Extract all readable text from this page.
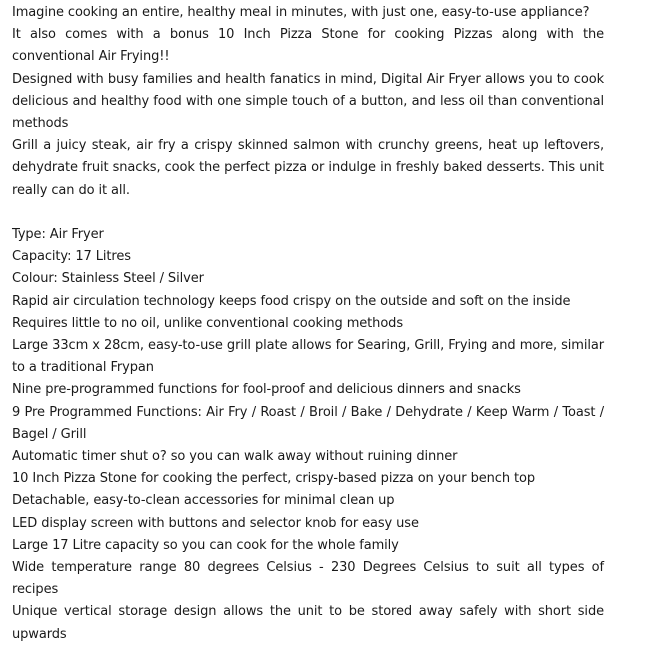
Imagine cooking an entire, healthy meal in minutes, with just one, easy-to-use appliance?

It also comes with a bonus 10 Inch Pizza Stone for cooking Pizzas along with the conventional Air Frying!!

Designed with busy families and health fanatics in mind, Digital Air Fryer allows you to cook delicious and healthy food with one simple touch of a button, and less oil than conventional methods

Grill a juicy steak, air fry a crispy skinned salmon with crunchy greens, heat up leftovers, dehydrate fruit snacks, cook the perfect pizza or indulge in freshly baked desserts. This unit really can do it all.

Type: Air Fryer

Capacity: 17 Litres

Colour: Stainless Steel / Silver

Rapid air circulation technology keeps food crispy on the outside and soft on the inside

Requires little to no oil, unlike conventional cooking methods

Large 33cm x 28cm, easy-to-use grill plate allows for Searing, Grill, Frying and more, similar to a traditional Frypan

Nine pre-programmed functions for fool-proof and delicious dinners and snacks

9 Pre Programmed Functions: Air Fry / Roast / Broil / Bake / Dehydrate / Keep Warm / Toast / Bagel / Grill

Automatic timer shut o? so you can walk away without ruining dinner

10 Inch Pizza Stone for cooking the perfect, crispy-based pizza on your bench top

Detachable, easy-to-clean accessories for minimal clean up

LED display screen with buttons and selector knob for easy use

Large 17 Litre capacity so you can cook for the whole family

Wide temperature range 80 degrees Celsius - 230 Degrees Celsius to suit all types of recipes

Unique vertical storage design allows the unit to be stored away safely with short side upwards
